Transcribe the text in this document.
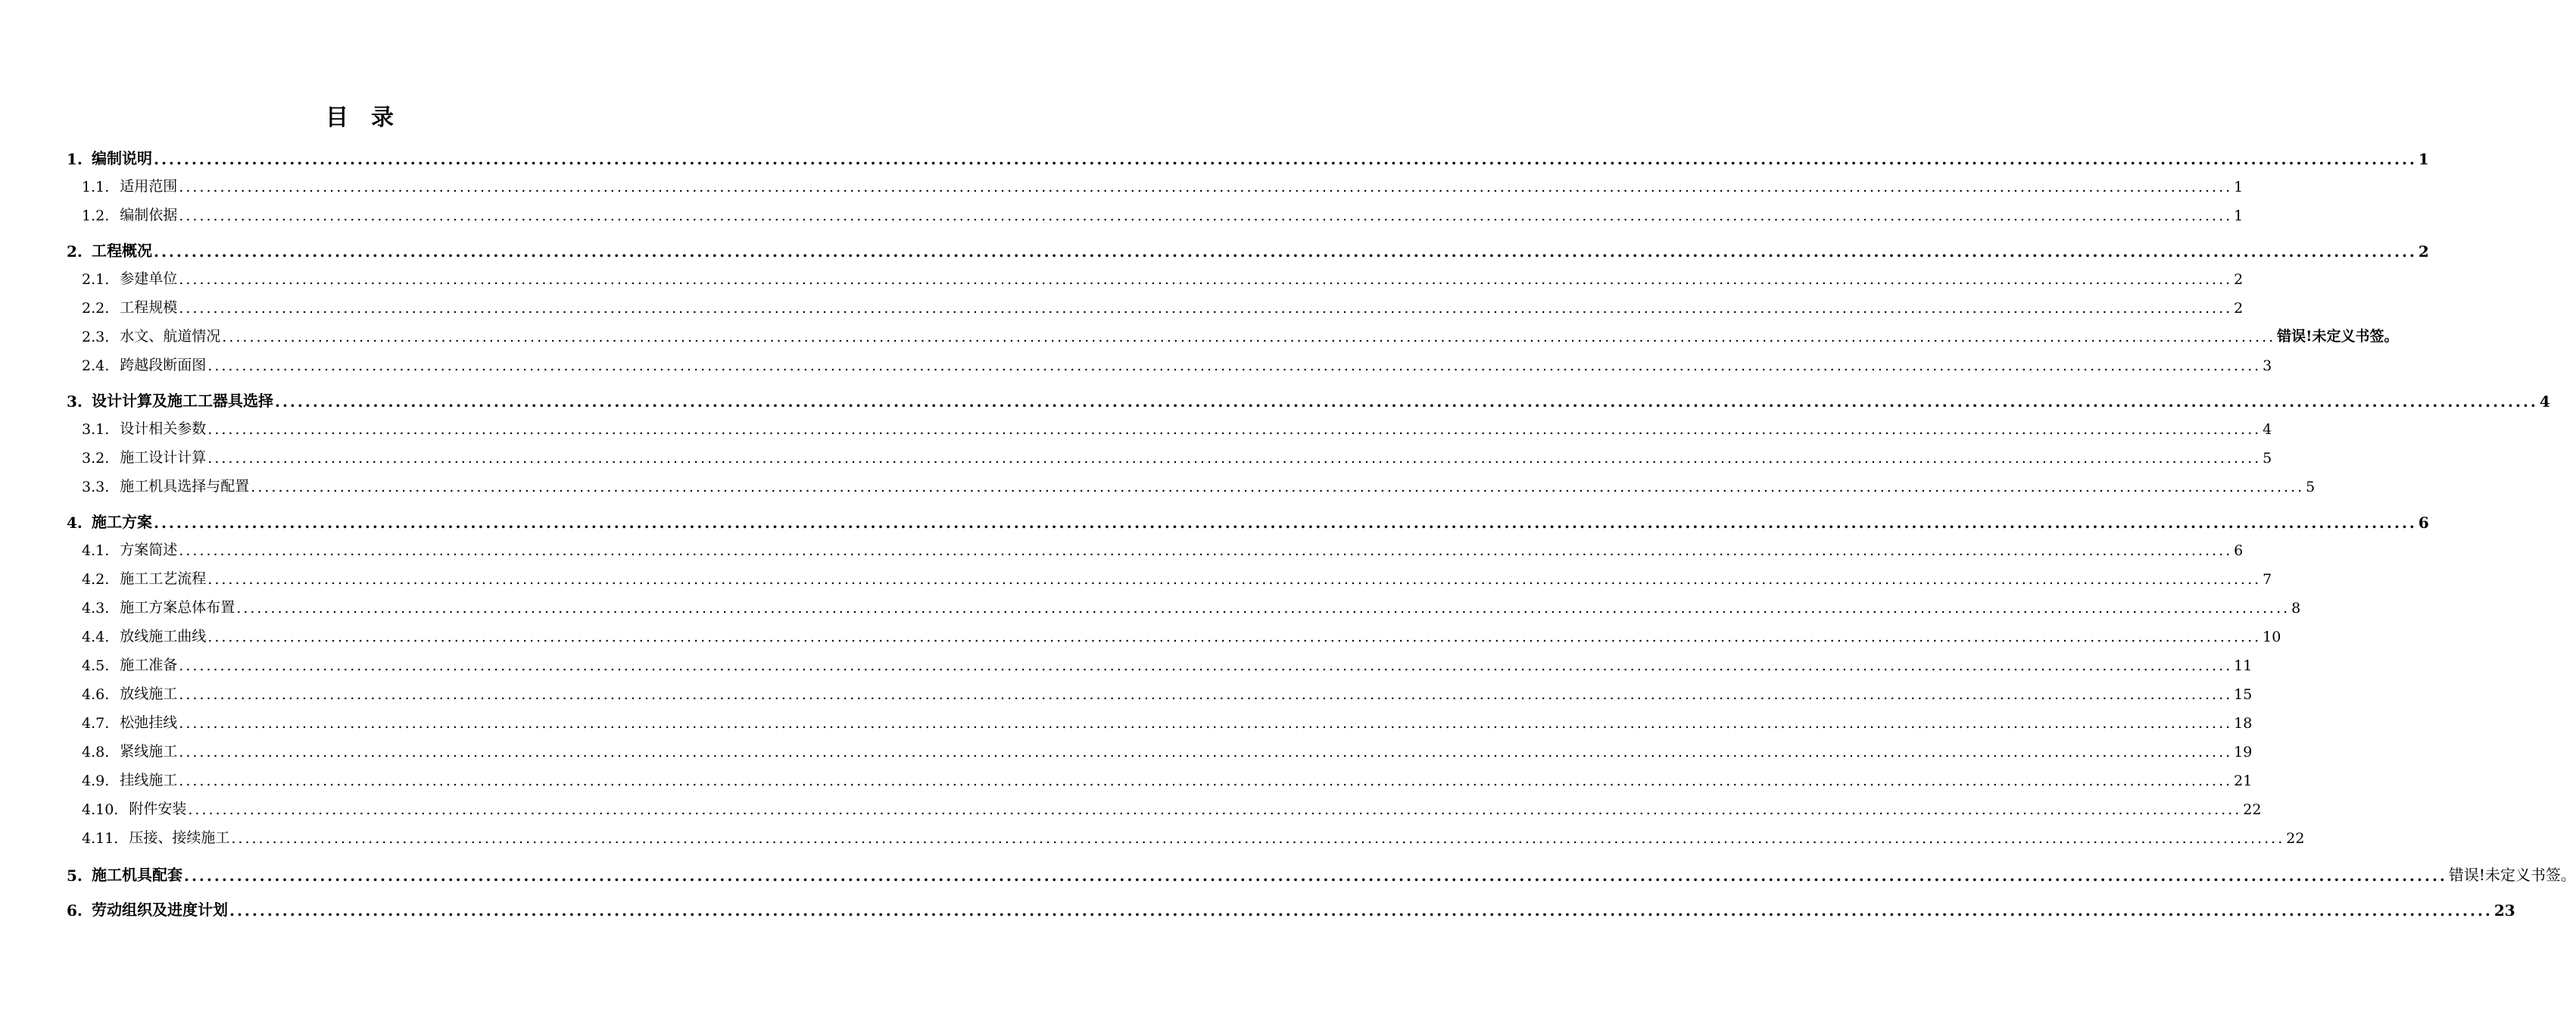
目录
1. 编制说明 ............................................................................................................................................................................................................................................................................................................ 1
1.1. 适用范围 ............................................................................................................................................................................................................................................................................................................ 1
1.2. 编制依据 ............................................................................................................................................................................................................................................................................................................ 1
2. 工程概况 ............................................................................................................................................................................................................................................................................................................ 2
2.1. 参建单位 ............................................................................................................................................................................................................................................................................................................ 2
2.2. 工程规模 ............................................................................................................................................................................................................................................................................................................ 2
2.3. 水文、航道情况 ............................................................................................................................................................................................................................................................................................................ 错误!未定义书签。
2.4. 跨越段断面图 ............................................................................................................................................................................................................................................................................................................ 3
3. 设计计算及施工工器具选择 ............................................................................................................................................................................................................................................................................................................ 4
3.1. 设计相关参数 ............................................................................................................................................................................................................................................................................................................ 4
3.2. 施工设计计算 ............................................................................................................................................................................................................................................................................................................ 5
3.3. 施工机具选择与配置 ............................................................................................................................................................................................................................................................................................................ 5
4. 施工方案 ............................................................................................................................................................................................................................................................................................................ 6
4.1. 方案简述 ............................................................................................................................................................................................................................................................................................................ 6
4.2. 施工工艺流程 ............................................................................................................................................................................................................................................................................................................ 7
4.3. 施工方案总体布置 ............................................................................................................................................................................................................................................................................................................ 8
4.4. 放线施工曲线 ............................................................................................................................................................................................................................................................................................................ 10
4.5. 施工准备 ............................................................................................................................................................................................................................................................................................................ 11
4.6. 放线施工 ............................................................................................................................................................................................................................................................................................................ 15
4.7. 松弛挂线 ............................................................................................................................................................................................................................................................................................................ 18
4.8. 紧线施工 ............................................................................................................................................................................................................................................................................................................ 19
4.9. 挂线施工 ............................................................................................................................................................................................................................................................................................................ 21
4.10. 附件安装 ............................................................................................................................................................................................................................................................................................................ 22
4.11. 压接、接续施工 ............................................................................................................................................................................................................................................................................................................ 22
5. 施工机具配套 ............................................................................................................................................................................................................................................................................................................ 错误!未定义书签。
6. 劳动组织及进度计划 ............................................................................................................................................................................................................................................................................................................ 23
